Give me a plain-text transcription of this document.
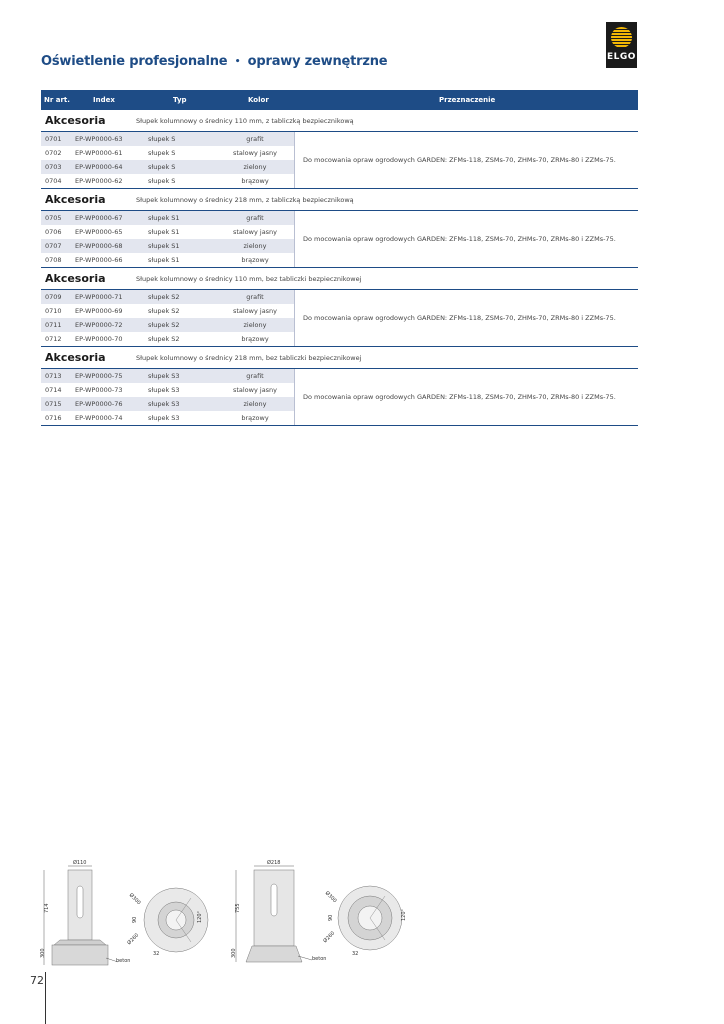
Oświetlenie profesjonalne • oprawy zewnętrzne	ELGO
Nr art.	Index	Typ	Kolor	Przeznaczenie
Akcesoria	Słupek kolumnowy o średnicy 110 mm, z tabliczką bezpiecznikową
0701 EP-WP0000-63	słupek S	grafit
0702 EP-WP0000-61	słupek S	stalowy jasny
0703 EP-WP0000-64	słupek S	zielony
0704 EP-WP0000-62	słupek S	brązowy
Do mocowania opraw ogrodowych GARDEN: ZFMs-118, ZSMs-70, ZHMs-70, ZRMs-80 i ZZMs-75.
Akcesoria	Słupek kolumnowy o średnicy 218 mm, z tabliczką bezpiecznikową
0705 EP-WP0000-67	słupek S1	grafit
0706 EP-WP0000-65	słupek S1	stalowy jasny
0707 EP-WP0000-68	słupek S1	zielony
0708 EP-WP0000-66	słupek S1	brązowy
Do mocowania opraw ogrodowych GARDEN: ZFMs-118, ZSMs-70, ZHMs-70, ZRMs-80 i ZZMs-75.
Akcesoria	Słupek kolumnowy o średnicy 110 mm, bez tabliczki bezpiecznikowej
0709 EP-WP0000-71	słupek S2	grafit
0710 EP-WP0000-69	słupek S2	stalowy jasny
0711 EP-WP0000-72	słupek S2	zielony
0712 EP-WP0000-70	słupek S2	brązowy
Do mocowania opraw ogrodowych GARDEN: ZFMs-118, ZSMs-70, ZHMs-70, ZRMs-80 i ZZMs-75.
Akcesoria	Słupek kolumnowy o średnicy 218 mm, bez tabliczki bezpiecznikowej
0713 EP-WP0000-75	słupek S3	grafit
0714 EP-WP0000-73	słupek S3	stalowy jasny
0715 EP-WP0000-76	słupek S3	zielony
0716 EP-WP0000-74	słupek S3	brązowy
Do mocowania opraw ogrodowych GARDEN: ZFMs-118, ZSMs-70, ZHMs-70, ZRMs-80 i ZZMs-75.
Ø110
714
300
beton
Ø300
Ø260
90	120°
32
Ø218
755
300
beton
Ø300
Ø260
90	120°
32
72
